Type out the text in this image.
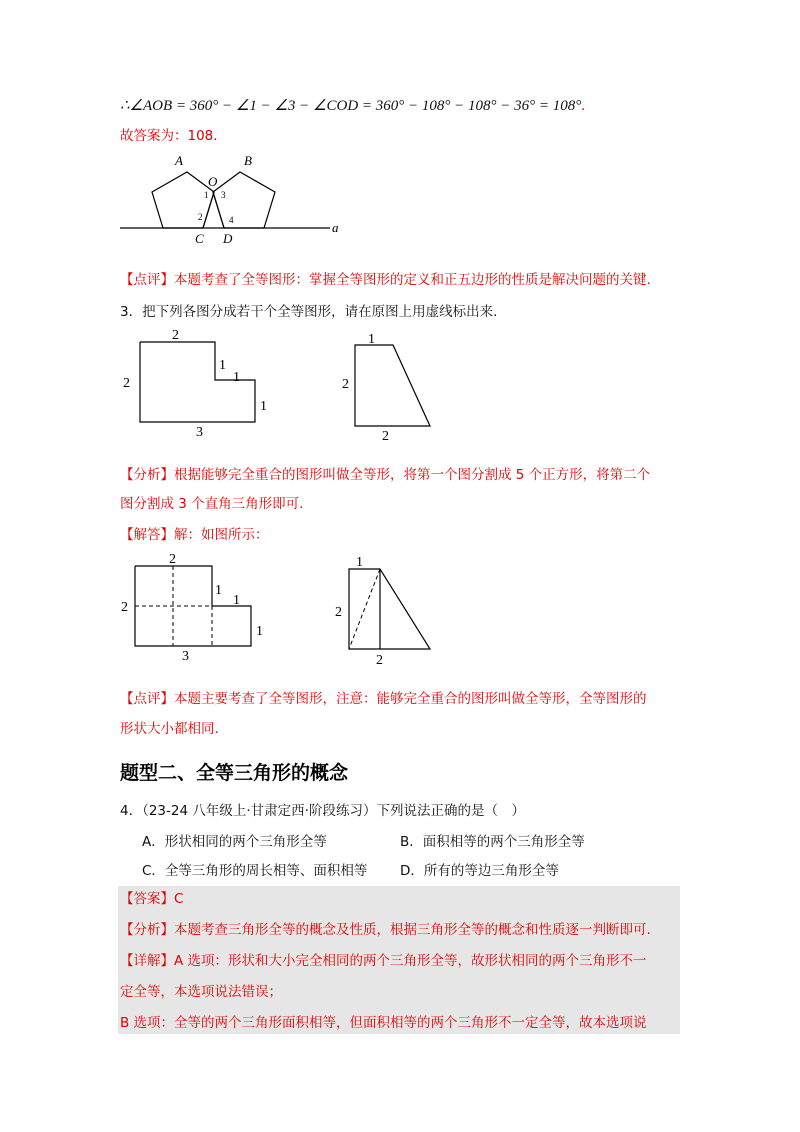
∴∠AOB = 360° − ∠1 − ∠3 − ∠COD = 360° − 108° − 108° − 36° = 108°.
故答案为：108.
A	B
O
1 3
2	4
C D
a
【点评】本题考查了全等图形：掌握全等图形的定义和正五边形的性质是解决问题的关键.
3．把下列各图分成若干个全等图形，请在原图上用虚线标出来.
2
2
1
1
1
3
1
2
2
【分析】根据能够完全重合的图形叫做全等形，将第一个图分割成 5 个正方形，将第二个
图分割成 3 个直角三角形即可.
【解答】解：如图所示：
2
2
1
1
1
3
1
2
2
【点评】本题主要考查了全等图形，注意：能够完全重合的图形叫做全等形，全等图形的
形状大小都相同.
题型二、全等三角形的概念
4．（23-24 八年级上·甘肃定西·阶段练习）下列说法正确的是（　）
A．形状相同的两个三角形全等	B．面积相等的两个三角形全等
C．全等三角形的周长相等、面积相等 D．所有的等边三角形全等
【答案】C
【分析】本题考查三角形全等的概念及性质，根据三角形全等的概念和性质逐一判断即可.
【详解】A 选项：形状和大小完全相同的两个三角形全等，故形状相同的两个三角形不一
定全等，本选项说法错误；
B 选项：全等的两个三角形面积相等，但面积相等的两个三角形不一定全等，故本选项说
